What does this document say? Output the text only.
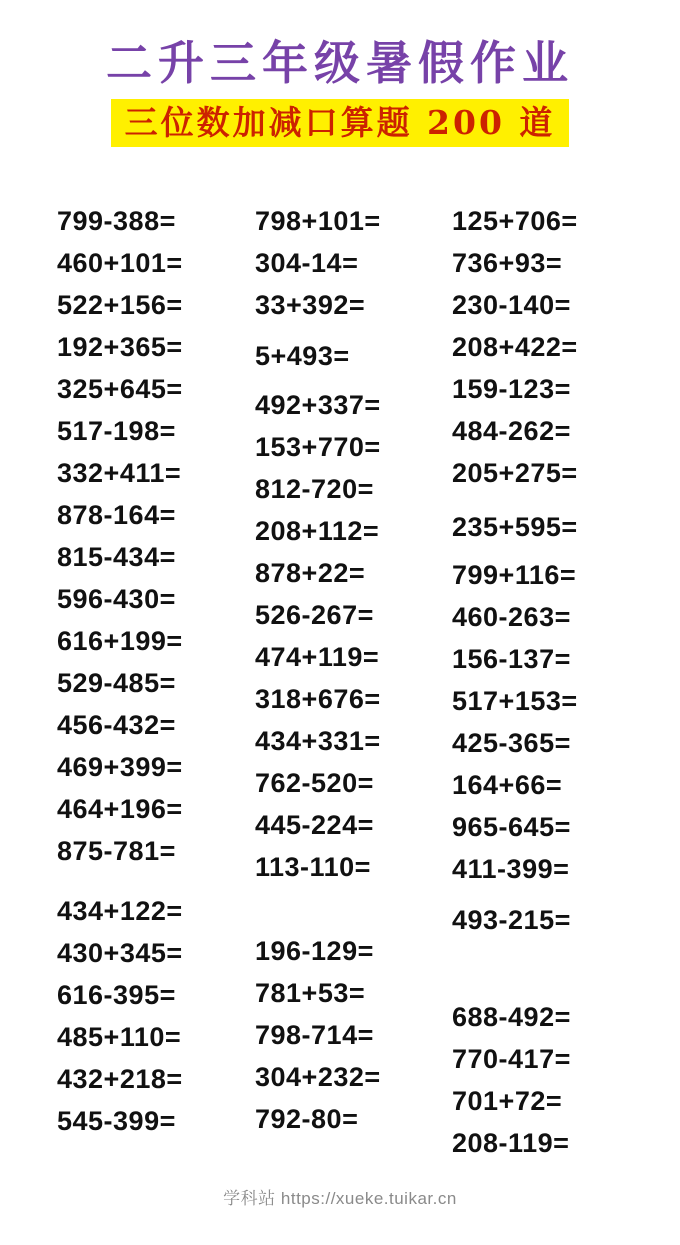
二升三年级暑假作业
三位数加减口算题 200 道
799-388=
460+101=
522+156=
192+365=
325+645=
517-198=
332+411=
878-164=
815-434=
596-430=
616+199=
529-485=
456-432=
469+399=
464+196=
875-781=
434+122=
430+345=
616-395=
485+110=
432+218=
545-399=
798+101=
304-14=
33+392=
5+493=
492+337=
153+770=
812-720=
208+112=
878+22=
526-267=
474+119=
318+676=
434+331=
762-520=
445-224=
113-110=
196-129=
781+53=
798-714=
304+232=
792-80=
125+706=
736+93=
230-140=
208+422=
159-123=
484-262=
205+275=
235+595=
799+116=
460-263=
156-137=
517+153=
425-365=
164+66=
965-645=
411-399=
493-215=
688-492=
770-417=
701+72=
208-119=
学科站 https://xueke.tuikar.cn
